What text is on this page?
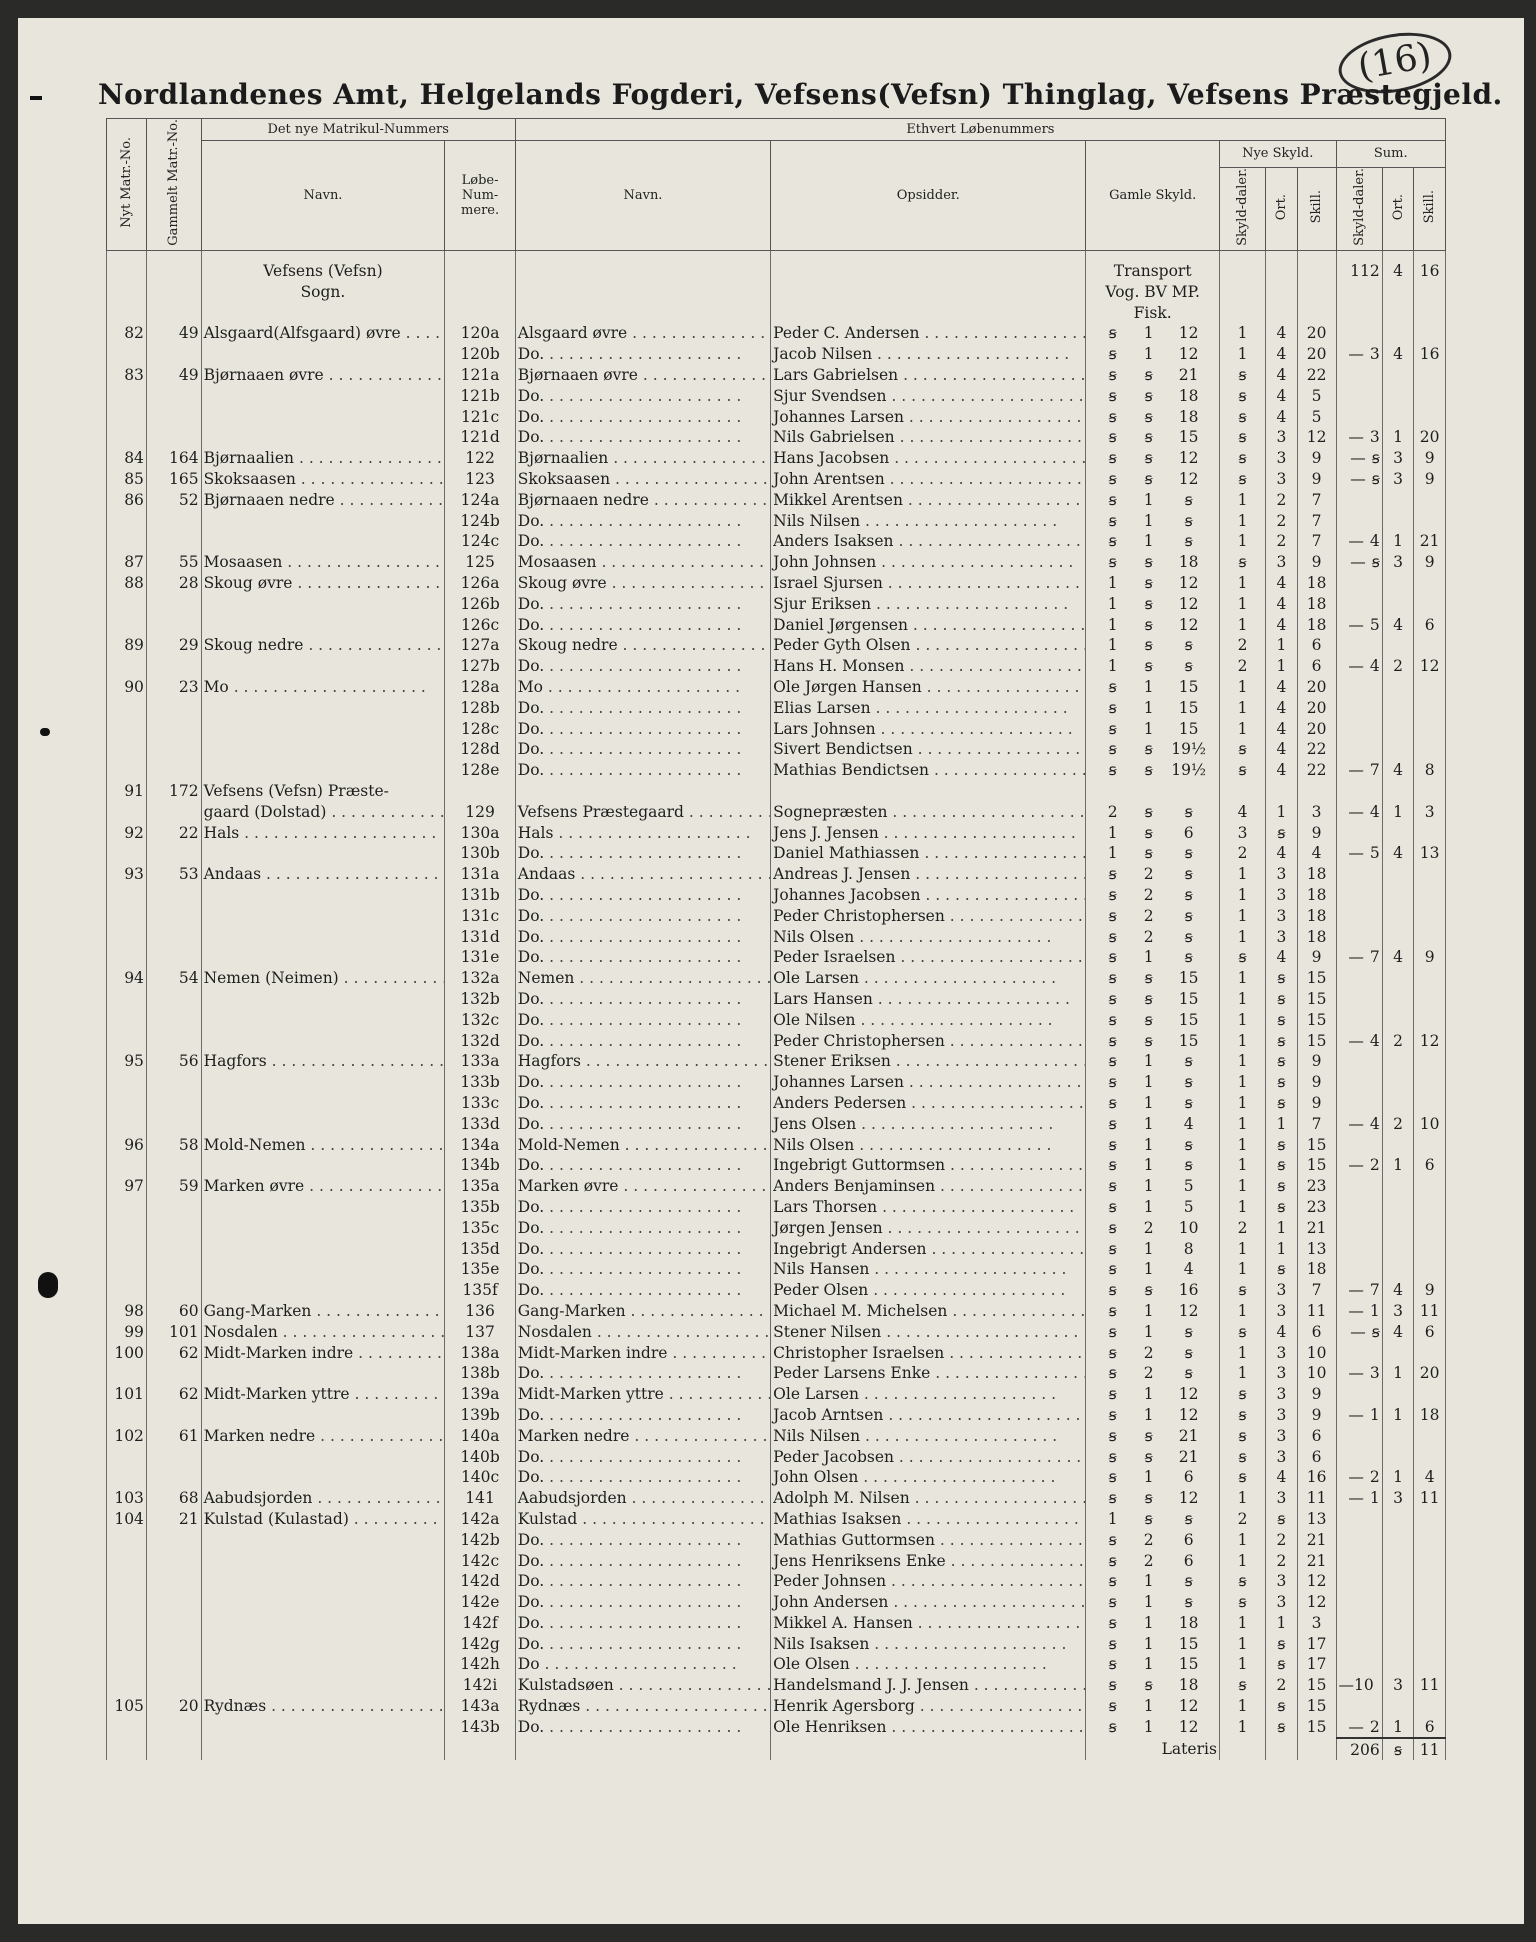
(16)
Nordlandenes Amt, Helgelands Fogderi, Vefsens(Vefsn) Thinglag, Vefsens Præstegjeld.
Nyt Matr.-No.	Gammelt Matr.-No.	Det nye Matrikul-Nummers		Ethvert Løbenummers								
		Navn.	Løbe-Num-mere.	Navn.	Opsidder.	Gamle Skyld.	Nye Skyld.			Sum.		
							Skyld-daler.	Ort.	Skill.	Skyld-daler.	Ort.	Skill.

		Vefsens (Vefsn)				Transport				112	4	16
		Sogn.				Vog. BV MP.						
						Fisk.						
82	49	Alsgaard(Alfsgaard) øvre . . .	120a	Alsgaard øvre . . .	Peder C. Andersen . . .	ꞩ 1 12	1	4	20			
			120b	Do. . . .	Jacob Nilsen . . .	ꞩ 1 12	1	4	20	— 3	4	16
83	49	Bjørnaaen øvre . . .	121a	Bjørnaaen øvre . . .	Lars Gabrielsen . . .	ꞩ ꞩ 21	ꞩ	4	22			
			121b	Do. . . .	Sjur Svendsen . . .	ꞩ ꞩ 18	ꞩ	4	5			
			121c	Do. . . .	Johannes Larsen . . .	ꞩ ꞩ 18	ꞩ	4	5			
			121d	Do. . . .	Nils Gabrielsen . . .	ꞩ ꞩ 15	ꞩ	3	12	— 3	1	20
84	164	Bjørnaalien . . .	122	Bjørnaalien . . .	Hans Jacobsen . . .	ꞩ ꞩ 12	ꞩ	3	9	— ꞩ	3	9
85	165	Skoksaasen . . .	123	Skoksaasen . . .	John Arentsen . . .	ꞩ ꞩ 12	ꞩ	3	9	— ꞩ	3	9
86	52	Bjørnaaen nedre . . .	124a	Bjørnaaen nedre . . .	Mikkel Arentsen . . .	ꞩ 1 ꞩ	1	2	7			
			124b	Do. . . .	Nils Nilsen . . .	ꞩ 1 ꞩ	1	2	7			
			124c	Do. . . .	Anders Isaksen . . .	ꞩ 1 ꞩ	1	2	7	— 4	1	21
87	55	Mosaasen . . .	125	Mosaasen . . .	John Johnsen . . .	ꞩ ꞩ 18	ꞩ	3	9	— ꞩ	3	9
88	28	Skoug øvre . . .	126a	Skoug øvre . . .	Israel Sjursen . . .	1 ꞩ 12	1	4	18			
			126b	Do. . . .	Sjur Eriksen . . .	1 ꞩ 12	1	4	18			
			126c	Do. . . .	Daniel Jørgensen . . .	1 ꞩ 12	1	4	18	— 5	4	6
89	29	Skoug nedre . . .	127a	Skoug nedre . . .	Peder Gyth Olsen . . .	1 ꞩ ꞩ	2	1	6			
			127b	Do. . . .	Hans H. Monsen . . .	1 ꞩ ꞩ	2	1	6	— 4	2	12
90	23	Mo . . .	128a	Mo . . .	Ole Jørgen Hansen . . .	ꞩ 1 15	1	4	20			
			128b	Do. . . .	Elias Larsen . . .	ꞩ 1 15	1	4	20			
			128c	Do. . . .	Lars Johnsen . . .	ꞩ 1 15	1	4	20			
			128d	Do. . . .	Sivert Bendictsen . . .	ꞩ ꞩ 19½	ꞩ	4	22			
			128e	Do. . . .	Mathias Bendictsen . . .	ꞩ ꞩ 19½	ꞩ	4	22	— 7	4	8
91	172	Vefsens (Vefsn) Præste-										
		gaard (Dolstad) . . .	129	Vefsens Præstegaard . . .	Sognepræsten . . .	2 ꞩ ꞩ	4	1	3	— 4	1	3
92	22	Hals . . .	130a	Hals . . .	Jens J. Jensen . . .	1 ꞩ 6	3	ꞩ	9			
			130b	Do. . . .	Daniel Mathiassen . . .	1 ꞩ ꞩ	2	4	4	— 5	4	13
93	53	Andaas . . .	131a	Andaas . . .	Andreas J. Jensen . . .	ꞩ 2 ꞩ	1	3	18			
			131b	Do. . . .	Johannes Jacobsen . . .	ꞩ 2 ꞩ	1	3	18			
			131c	Do. . . .	Peder Christophersen . . .	ꞩ 2 ꞩ	1	3	18			
			131d	Do. . . .	Nils Olsen . . .	ꞩ 2 ꞩ	1	3	18			
			131e	Do. . . .	Peder Israelsen . . .	ꞩ 1 ꞩ	ꞩ	4	9	— 7	4	9
94	54	Nemen (Neimen) . . .	132a	Nemen . . .	Ole Larsen . . .	ꞩ ꞩ 15	1	ꞩ	15			
			132b	Do. . . .	Lars Hansen . . .	ꞩ ꞩ 15	1	ꞩ	15			
			132c	Do. . . .	Ole Nilsen . . .	ꞩ ꞩ 15	1	ꞩ	15			
			132d	Do. . . .	Peder Christophersen . . .	ꞩ ꞩ 15	1	ꞩ	15	— 4	2	12
95	56	Hagfors . . .	133a	Hagfors . . .	Stener Eriksen . . .	ꞩ 1 ꞩ	1	ꞩ	9			
			133b	Do. . . .	Johannes Larsen . . .	ꞩ 1 ꞩ	1	ꞩ	9			
			133c	Do. . . .	Anders Pedersen . . .	ꞩ 1 ꞩ	1	ꞩ	9			
			133d	Do. . . .	Jens Olsen . . .	ꞩ 1 4	1	1	7	— 4	2	10
96	58	Mold-Nemen . . .	134a	Mold-Nemen . . .	Nils Olsen . . .	ꞩ 1 ꞩ	1	ꞩ	15			
			134b	Do. . . .	Ingebrigt Guttormsen . . .	ꞩ 1 ꞩ	1	ꞩ	15	— 2	1	6
97	59	Marken øvre . . .	135a	Marken øvre . . .	Anders Benjaminsen . . .	ꞩ 1 5	1	ꞩ	23			
			135b	Do. . . .	Lars Thorsen . . .	ꞩ 1 5	1	ꞩ	23			
			135c	Do. . . .	Jørgen Jensen . . .	ꞩ 2 10	2	1	21			
			135d	Do. . . .	Ingebrigt Andersen . . .	ꞩ 1 8	1	1	13			
			135e	Do. . . .	Nils Hansen . . .	ꞩ 1 4	1	ꞩ	18			
			135f	Do. . . .	Peder Olsen . . .	ꞩ ꞩ 16	ꞩ	3	7	— 7	4	9
98	60	Gang-Marken . . .	136	Gang-Marken . . .	Michael M. Michelsen . . .	ꞩ 1 12	1	3	11	— 1	3	11
99	101	Nosdalen . . .	137	Nosdalen . . .	Stener Nilsen . . .	ꞩ 1 ꞩ	ꞩ	4	6	— ꞩ	4	6
100	62	Midt-Marken indre . . .	138a	Midt-Marken indre . . .	Christopher Israelsen . . .	ꞩ 2 ꞩ	1	3	10			
			138b	Do. . . .	Peder Larsens Enke . . .	ꞩ 2 ꞩ	1	3	10	— 3	1	20
101	62	Midt-Marken yttre . . .	139a	Midt-Marken yttre . . .	Ole Larsen . . .	ꞩ 1 12	ꞩ	3	9			
			139b	Do. . . .	Jacob Arntsen . . .	ꞩ 1 12	ꞩ	3	9	— 1	1	18
102	61	Marken nedre . . .	140a	Marken nedre . . .	Nils Nilsen . . .	ꞩ ꞩ 21	ꞩ	3	6			
			140b	Do. . . .	Peder Jacobsen . . .	ꞩ ꞩ 21	ꞩ	3	6			
			140c	Do. . . .	John Olsen . . .	ꞩ 1 6	ꞩ	4	16	— 2	1	4
103	68	Aabudsjorden . . .	141	Aabudsjorden . . .	Adolph M. Nilsen . . .	ꞩ ꞩ 12	1	3	11	— 1	3	11
104	21	Kulstad (Kulastad) . . .	142a	Kulstad . . .	Mathias Isaksen . . .	1 ꞩ ꞩ	2	ꞩ	13			
			142b	Do. . . .	Mathias Guttormsen . . .	ꞩ 2 6	1	2	21			
			142c	Do. . . .	Jens Henriksens Enke . . .	ꞩ 2 6	1	2	21			
			142d	Do. . . .	Peder Johnsen . . .	ꞩ 1 ꞩ	ꞩ	3	12			
			142e	Do. . . .	John Andersen . . .	ꞩ 1 ꞩ	ꞩ	3	12			
			142f	Do. . . .	Mikkel A. Hansen . . .	ꞩ 1 18	1	1	3			
			142g	Do. . . .	Nils Isaksen . . .	ꞩ 1 15	1	ꞩ	17			
			142h	Do . . .	Ole Olsen . . .	ꞩ 1 15	1	ꞩ	17			
			142i	Kulstadsøen . . .	Handelsmand J. J. Jensen . . .	ꞩ ꞩ 18	ꞩ	2	15	—10	3	11
105	20	Rydnæs . . .	143a	Rydnæs . . .	Henrik Agersborg . . .	ꞩ 1 12	1	ꞩ	15			
			143b	Do. . . .	Ole Henriksen . . .	ꞩ 1 12	1	ꞩ	15	— 2	1	6
						Lateris				206	ꞩ	11
